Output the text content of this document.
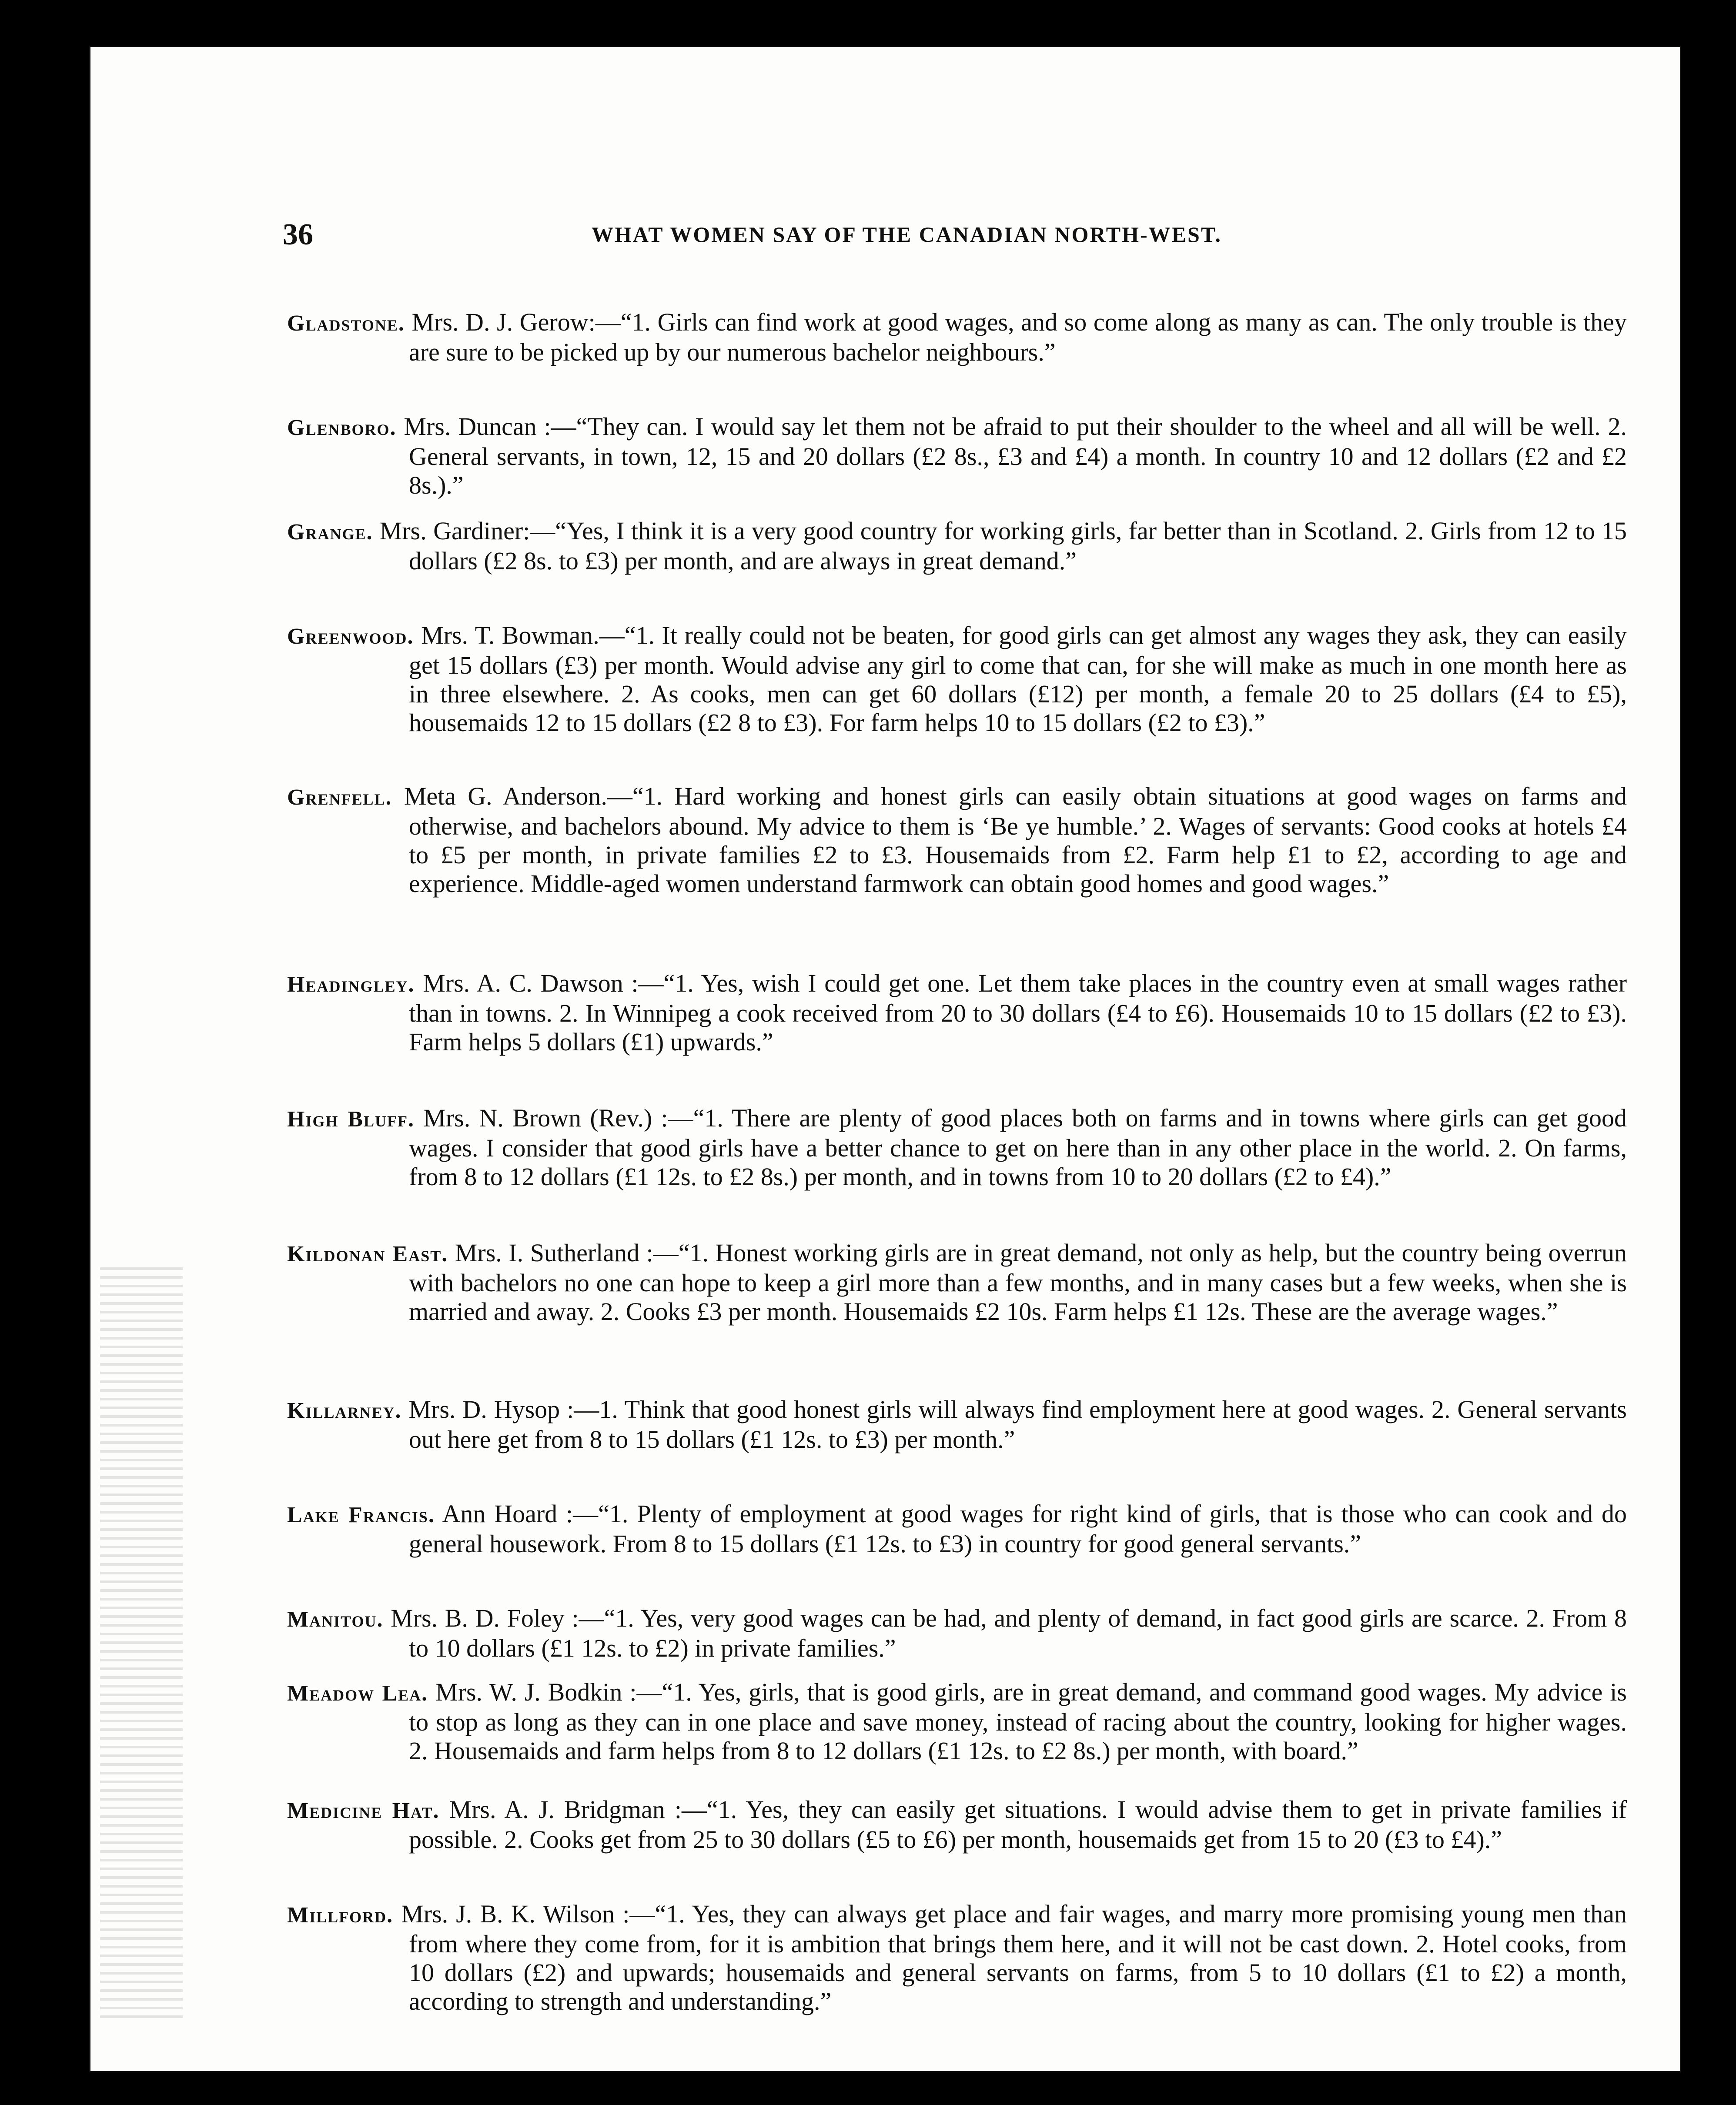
36	WHAT WOMEN SAY OF THE CANADIAN NORTH-WEST.

Gladstone. Mrs. D. J. Gerow:—“1. Girls can find work at good wages, and so come along as many as can. The only trouble is they are sure to be picked up by our numerous bachelor neighbours.”

Glenboro. Mrs. Duncan :—“They can. I would say let them not be afraid to put their shoulder to the wheel and all will be well. 2. General servants, in town, 12, 15 and 20 dollars (£2 8s., £3 and £4) a month. In country 10 and 12 dollars (£2 and £2 8s.).”

Grange. Mrs. Gardiner:—“Yes, I think it is a very good country for working girls, far better than in Scotland. 2. Girls from 12 to 15 dollars (£2 8s. to £3) per month, and are always in great demand.”

Greenwood. Mrs. T. Bowman.—“1. It really could not be beaten, for good girls can get almost any wages they ask, they can easily get 15 dollars (£3) per month. Would advise any girl to come that can, for she will make as much in one month here as in three elsewhere. 2. As cooks, men can get 60 dollars (£12) per month, a female 20 to 25 dollars (£4 to £5), housemaids 12 to 15 dollars (£2 8 to £3). For farm helps 10 to 15 dollars (£2 to £3).”

Grenfell. Meta G. Anderson.—“1. Hard working and honest girls can easily obtain situations at good wages on farms and otherwise, and bachelors abound. My advice to them is ‘Be ye humble.’ 2. Wages of servants: Good cooks at hotels £4 to £5 per month, in private families £2 to £3. Housemaids from £2. Farm help £1 to £2, according to age and experience. Middle-aged women understand farmwork can obtain good homes and good wages.”

Headingley. Mrs. A. C. Dawson :—“1. Yes, wish I could get one. Let them take places in the country even at small wages rather than in towns. 2. In Winnipeg a cook received from 20 to 30 dollars (£4 to £6). Housemaids 10 to 15 dollars (£2 to £3). Farm helps 5 dollars (£1) upwards.”

High Bluff. Mrs. N. Brown (Rev.) :—“1. There are plenty of good places both on farms and in towns where girls can get good wages. I consider that good girls have a better chance to get on here than in any other place in the world. 2. On farms, from 8 to 12 dollars (£1 12s. to £2 8s.) per month, and in towns from 10 to 20 dollars (£2 to £4).”

Kildonan East. Mrs. I. Sutherland :—“1. Honest working girls are in great demand, not only as help, but the country being overrun with bachelors no one can hope to keep a girl more than a few months, and in many cases but a few weeks, when she is married and away. 2. Cooks £3 per month. Housemaids £2 10s. Farm helps £1 12s. These are the average wages.”

Killarney. Mrs. D. Hysop :—1. Think that good honest girls will always find employment here at good wages. 2. General servants out here get from 8 to 15 dollars (£1 12s. to £3) per month.”

Lake Francis. Ann Hoard :—“1. Plenty of employment at good wages for right kind of girls, that is those who can cook and do general housework. From 8 to 15 dollars (£1 12s. to £3) in country for good general servants.”

Manitou. Mrs. B. D. Foley :—“1. Yes, very good wages can be had, and plenty of demand, in fact good girls are scarce. 2. From 8 to 10 dollars (£1 12s. to £2) in private families.”

Meadow Lea. Mrs. W. J. Bodkin :—“1. Yes, girls, that is good girls, are in great demand, and command good wages. My advice is to stop as long as they can in one place and save money, instead of racing about the country, looking for higher wages. 2. Housemaids and farm helps from 8 to 12 dollars (£1 12s. to £2 8s.) per month, with board.”

Medicine Hat. Mrs. A. J. Bridgman :—“1. Yes, they can easily get situations. I would advise them to get in private families if possible. 2. Cooks get from 25 to 30 dollars (£5 to £6) per month, housemaids get from 15 to 20 (£3 to £4).”

Millford. Mrs. J. B. K. Wilson :—“1. Yes, they can always get place and fair wages, and marry more promising young men than from where they come from, for it is ambition that brings them here, and it will not be cast down. 2. Hotel cooks, from 10 dollars (£2) and upwards; housemaids and general servants on farms, from 5 to 10 dollars (£1 to £2) a month, according to strength and understanding.”
